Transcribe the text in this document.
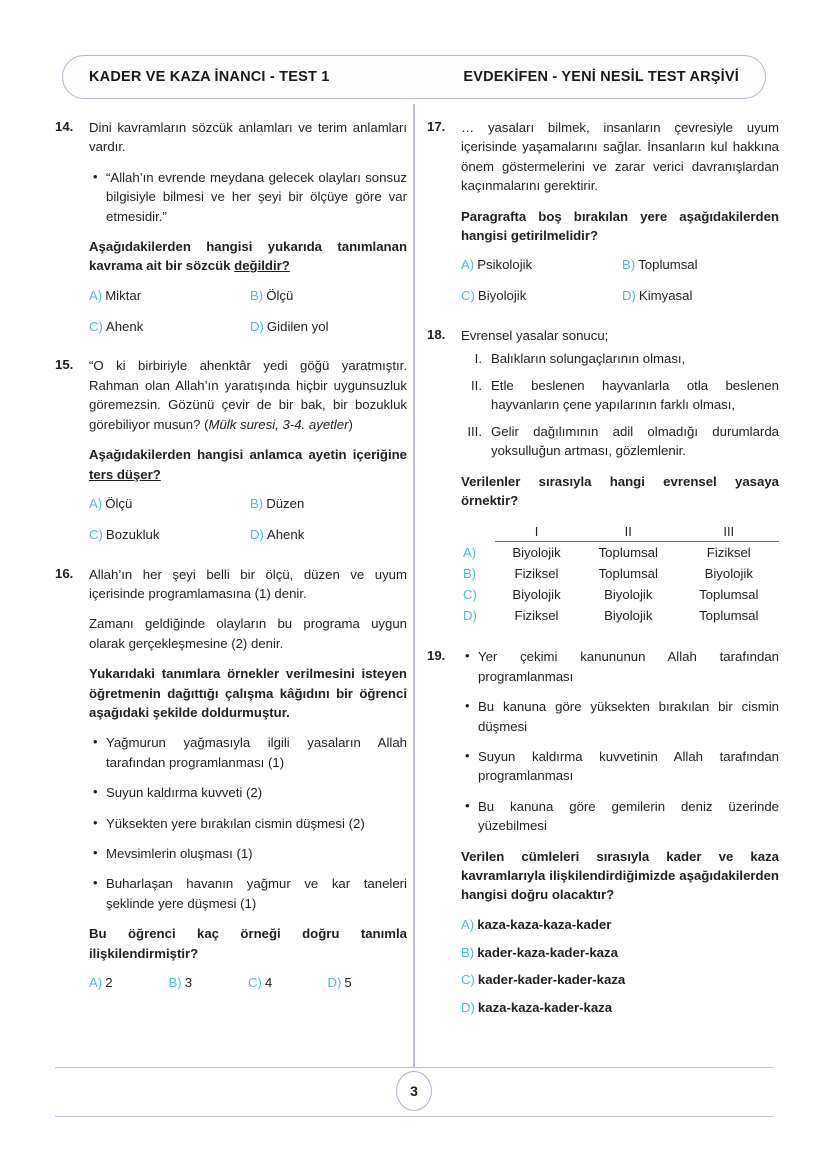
KADER VE KAZA İNANCI - TEST 1	EVDEKİFEN - YENİ NESİL TEST ARŞİVİ
14.	Dini kavramların sözcük anlamları ve terim anlamları vardır.
• “Allah’ın evrende meydana gelecek olayları sonsuz bilgisiyle bilmesi ve her şeyi bir ölçüye göre var etmesidir.”
Aşağıdakilerden hangisi yukarıda tanımlanan kavrama ait bir sözcük değildir?
A) Miktar	B) Ölçü
C) Ahenk	D) Gidilen yol
15.	“O ki birbiriyle ahenktâr yedi göğü yaratmıştır. Rahman olan Allah’ın yaratışında hiçbir uygunsuzluk göremezsin. Gözünü çevir de bir bak, bir bozukluk görebiliyor musun? (Mülk suresi, 3-4. ayetler)
Aşağıdakilerden hangisi anlamca ayetin içeriğine ters düşer?
A) Ölçü	B) Düzen
C) Bozukluk	D) Ahenk
16.	Allah’ın her şeyi belli bir ölçü, düzen ve uyum içerisinde programlamasına (1) denir.
Zamanı geldiğinde olayların bu programa uygun olarak gerçekleşmesine (2) denir.
Yukarıdaki tanımlara örnekler verilmesini isteyen öğretmenin dağıttığı çalışma kâğıdını bir öğrenci aşağıdaki şekilde doldurmuştur.
• Yağmurun yağmasıyla ilgili yasaların Allah tarafından programlanması (1)
• Suyun kaldırma kuvveti (2)
• Yüksekten yere bırakılan cismin düşmesi (2)
• Mevsimlerin oluşması (1)
• Buharlaşan havanın yağmur ve kar taneleri şeklinde yere düşmesi (1)
Bu öğrenci kaç örneği doğru tanımla ilişkilendirmiştir?
A) 2	B) 3	C) 4	D) 5
17.	… yasaları bilmek, insanların çevresiyle uyum içerisinde yaşamalarını sağlar. İnsanların kul hakkına önem göstermelerini ve zarar verici davranışlardan kaçınmalarını gerektirir.
Paragrafta boş bırakılan yere aşağıdakilerden hangisi getirilmelidir?
A) Psikolojik	B) Toplumsal
C) Biyolojik	D) Kimyasal
18.	Evrensel yasalar sonucu;
I. Balıkların solungaçlarının olması,
II. Etle beslenen hayvanlarla otla beslenen hayvanların çene yapılarının farklı olması,
III. Gelir dağılımının adil olmadığı durumlarda yoksulluğun artması, gözlemlenir.
Verilenler sırasıyla hangi evrensel yasaya örnektir?
	I	II	III
A)	Biyolojik	Toplumsal	Fiziksel
B)	Fiziksel	Toplumsal	Biyolojik
C)	Biyolojik	Biyolojik	Toplumsal
D)	Fiziksel	Biyolojik	Toplumsal
19.	• Yer çekimi kanununun Allah tarafından programlanması
• Bu kanuna göre yüksekten bırakılan bir cismin düşmesi
• Suyun kaldırma kuvvetinin Allah tarafından programlanması
• Bu kanuna göre gemilerin deniz üzerinde yüzebilmesi
Verilen cümleleri sırasıyla kader ve kaza kavramlarıyla ilişkilendirdiğimizde aşağıdakilerden hangisi doğru olacaktır?
A) kaza-kaza-kaza-kader
B) kader-kaza-kader-kaza
C) kader-kader-kader-kaza
D) kaza-kaza-kader-kaza
3
